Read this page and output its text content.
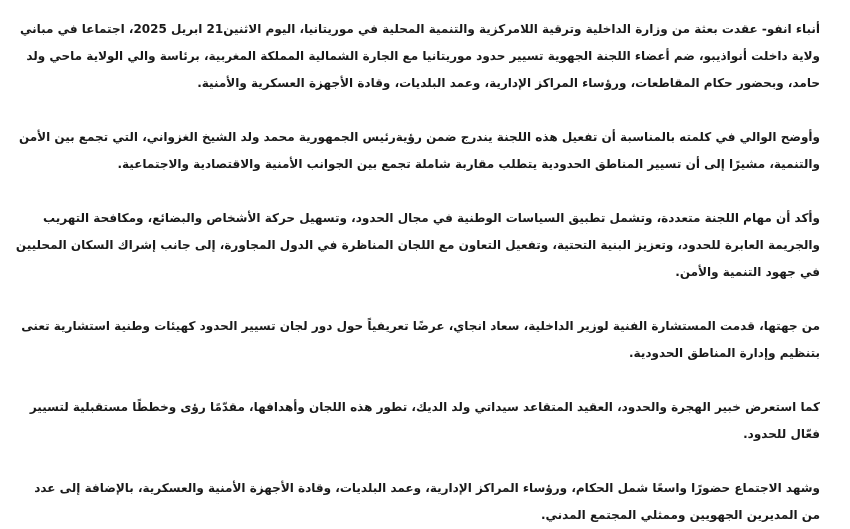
أنباء انفو- عقدت بعثة من وزارة الداخلية وترقية اللامركزية والتنمية المحلية في موريتانيا، اليوم الاثنين21 ابريل 2025، اجتماعا في مباني ولاية داخلت أنواذيبو، ضم أعضاء اللجنة الجهوية تسيير حدود موريتانيا مع الجارة الشمالية المملكة المغربية، برئاسة والي الولاية ماحي ولد حامد، وبحضور حكام المقاطعات، ورؤساء المراكز الإدارية، وعمد البلديات، وقادة الأجهزة العسكرية والأمنية.

وأوضح الوالي في كلمته بالمناسبة أن تفعيل هذه اللجنة يندرج ضمن رؤيةرئيس الجمهورية محمد ولد الشيخ الغزواني، التي تجمع بين الأمن والتنمية، مشيرًا إلى أن تسيير المناطق الحدودية يتطلب مقاربة شاملة تجمع بين الجوانب الأمنية والاقتصادية والاجتماعية.

وأكد أن مهام اللجنة متعددة، وتشمل تطبيق السياسات الوطنية في مجال الحدود، وتسهيل حركة الأشخاص والبضائع، ومكافحة التهريب والجريمة العابرة للحدود، وتعزيز البنية التحتية، وتفعيل التعاون مع اللجان المناظرة في الدول المجاورة، إلى جانب إشراك السكان المحليين في جهود التنمية والأمن.

من جهتها، قدمت المستشارة الفنية لوزير الداخلية، سعاد انجاي، عرضًا تعريفياً حول دور لجان تسيير الحدود كهيئات وطنية استشارية تعنى بتنظيم وإدارة المناطق الحدودية.

كما استعرض خبير الهجرة والحدود، العقيد المتقاعد سيداتي ولد الديك، تطور هذه اللجان وأهدافها، مقدّمًا رؤى وخططًا مستقبلية لتسيير فعّال للحدود.

وشهد الاجتماع حضورًا واسعًا شمل الحكام، ورؤساء المراكز الإدارية، وعمد البلديات، وقادة الأجهزة الأمنية والعسكرية، بالإضافة إلى عدد من المديرين الجهويين وممثلي المجتمع المدني.
